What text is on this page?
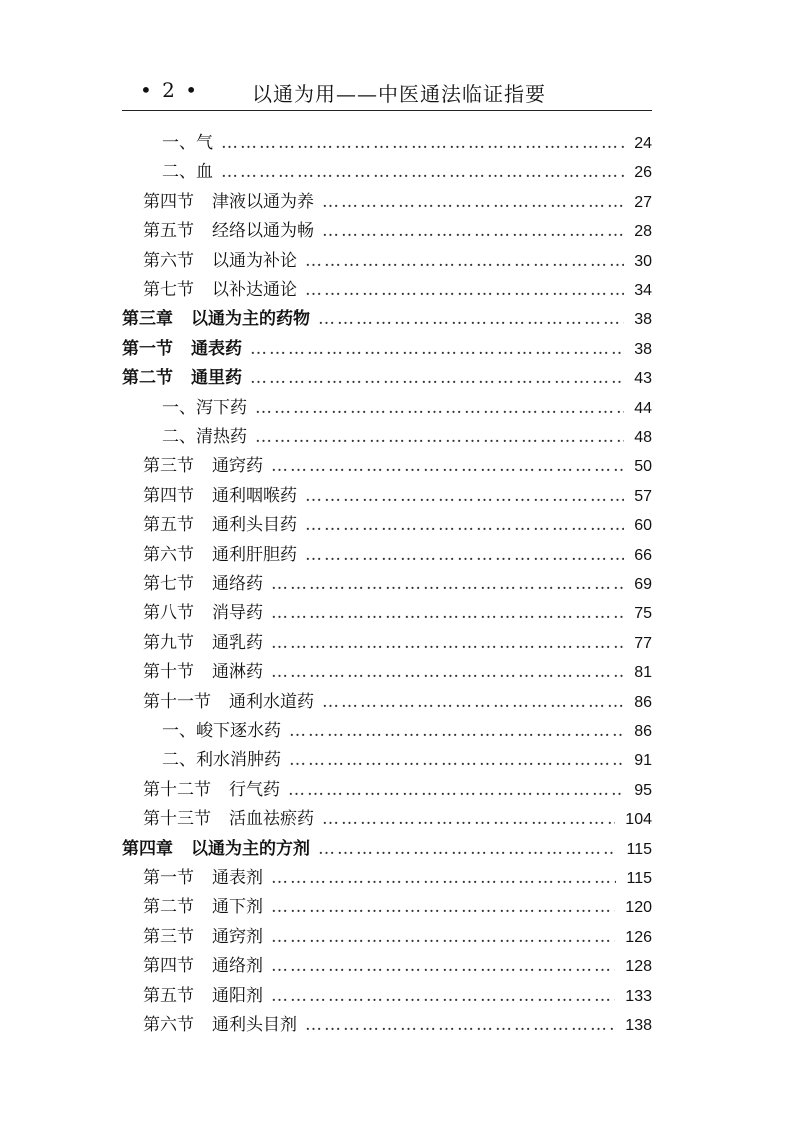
• 2 •	以通为用——中医通法临证指要
一、 气 …………………………………………………………………………………………………………………………………………………………	24
二、 血 …………………………………………………………………………………………………………………………………………………………	26
第四节 津液以通为养 …………………………………………………………………………………………………………………………………………………………	27
第五节 经络以通为畅 …………………………………………………………………………………………………………………………………………………………	28
第六节 以通为补论 …………………………………………………………………………………………………………………………………………………………	30
第七节 以补达通论 …………………………………………………………………………………………………………………………………………………………	34
第三章 以通为主的药物 …………………………………………………………………………………………………………………………………………………………	38
第一节 通表药 …………………………………………………………………………………………………………………………………………………………	38
第二节 通里药 …………………………………………………………………………………………………………………………………………………………	43
一、 泻下药 …………………………………………………………………………………………………………………………………………………………	44
二、 清热药 …………………………………………………………………………………………………………………………………………………………	48
第三节 通窍药 …………………………………………………………………………………………………………………………………………………………	50
第四节 通利咽喉药 …………………………………………………………………………………………………………………………………………………………	57
第五节 通利头目药 …………………………………………………………………………………………………………………………………………………………	60
第六节 通利肝胆药 …………………………………………………………………………………………………………………………………………………………	66
第七节 通络药 …………………………………………………………………………………………………………………………………………………………	69
第八节 消导药 …………………………………………………………………………………………………………………………………………………………	75
第九节 通乳药 …………………………………………………………………………………………………………………………………………………………	77
第十节 通淋药 …………………………………………………………………………………………………………………………………………………………	81
第十一节 通利水道药 …………………………………………………………………………………………………………………………………………………………	86
一、 峻下逐水药 …………………………………………………………………………………………………………………………………………………………	86
二、 利水消肿药 …………………………………………………………………………………………………………………………………………………………	91
第十二节 行气药 …………………………………………………………………………………………………………………………………………………………	95
第十三节 活血祛瘀药 …………………………………………………………………………………………………………………………………………………………	104
第四章 以通为主的方剂 …………………………………………………………………………………………………………………………………………………………	115
第一节 通表剂 …………………………………………………………………………………………………………………………………………………………	115
第二节 通下剂 …………………………………………………………………………………………………………………………………………………………	120
第三节 通窍剂 …………………………………………………………………………………………………………………………………………………………	126
第四节 通络剂 …………………………………………………………………………………………………………………………………………………………	128
第五节 通阳剂 …………………………………………………………………………………………………………………………………………………………	133
第六节 通利头目剂 …………………………………………………………………………………………………………………………………………………………	138
